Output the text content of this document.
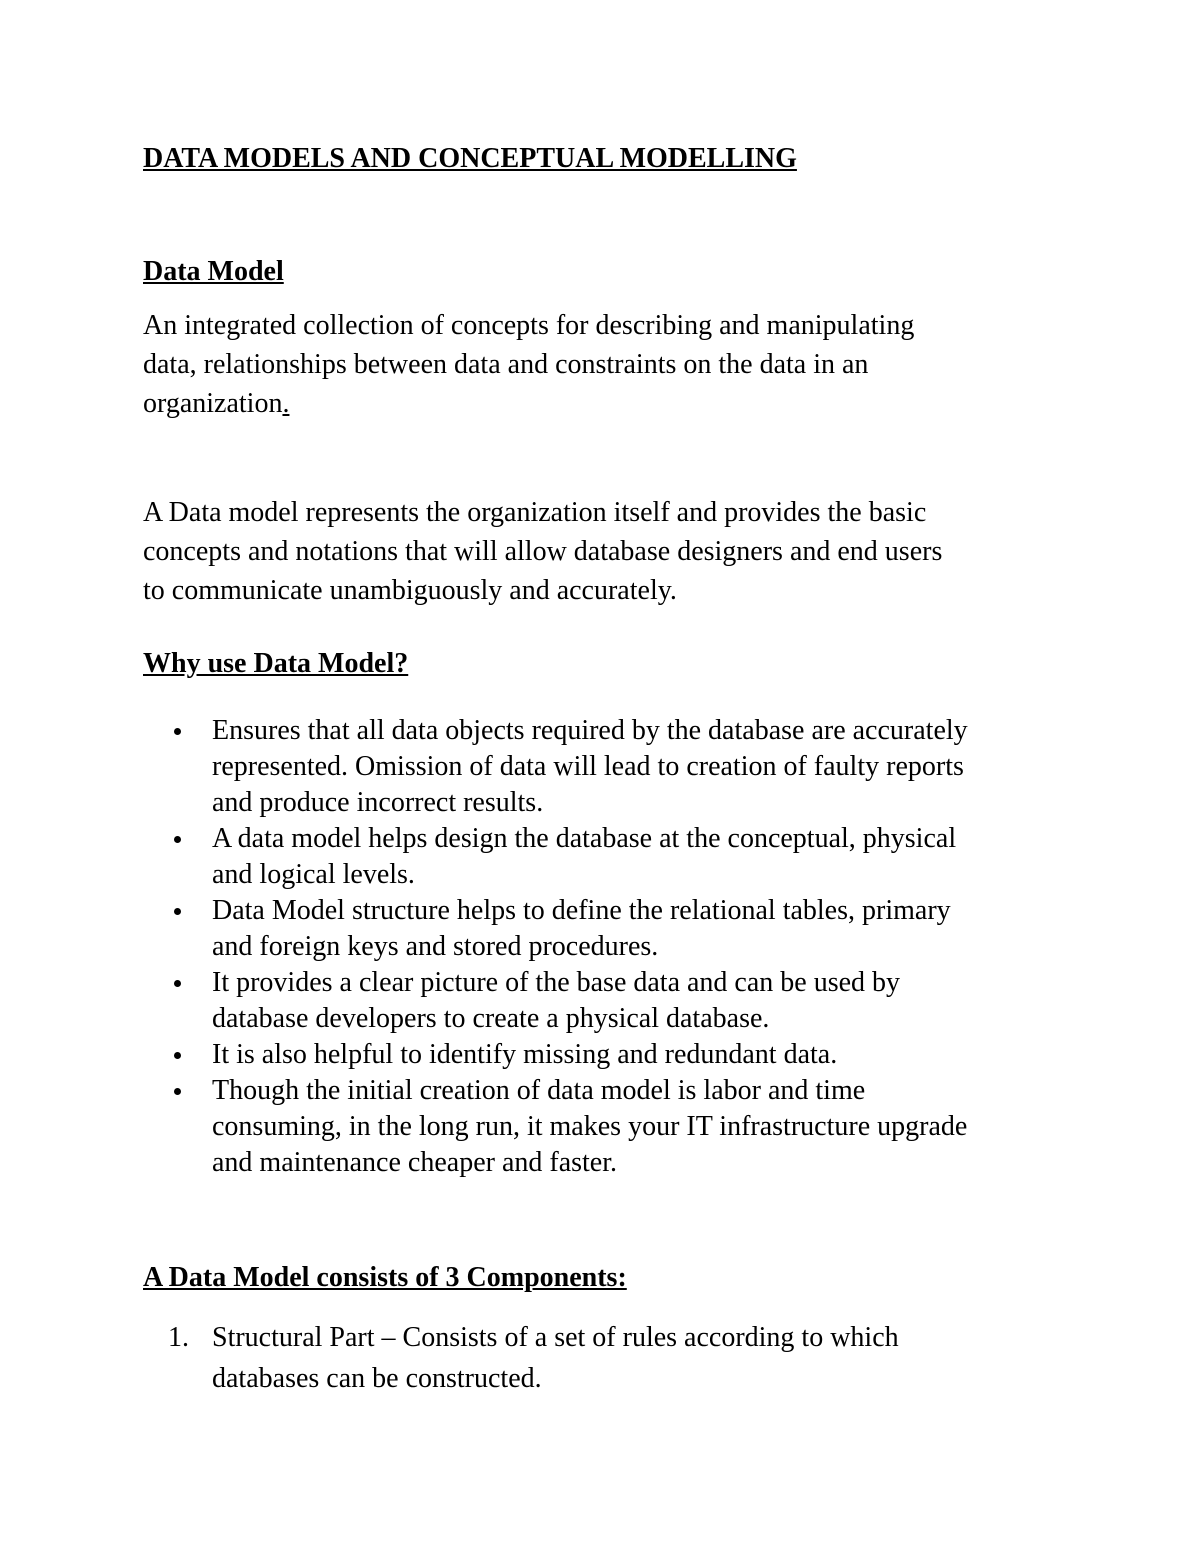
DATA MODELS AND CONCEPTUAL MODELLING
Data Model

An integrated collection of concepts for describing and manipulating
data, relationships between data and constraints on the data in an
organization.

A Data model represents the organization itself and provides the basic
concepts and notations that will allow database designers and end users
to communicate unambiguously and accurately.

Why use Data Model?
Ensures that all data objects required by the database are accurately
represented. Omission of data will lead to creation of faulty reports
and produce incorrect results.
A data model helps design the database at the conceptual, physical
and logical levels.
Data Model structure helps to define the relational tables, primary
and foreign keys and stored procedures.
It provides a clear picture of the base data and can be used by
database developers to create a physical database.
It is also helpful to identify missing and redundant data.
Though the initial creation of data model is labor and time
consuming, in the long run, it makes your IT infrastructure upgrade
and maintenance cheaper and faster.
A Data Model consists of 3 Components:
1. Structural Part – Consists of a set of rules according to which
databases can be constructed.
